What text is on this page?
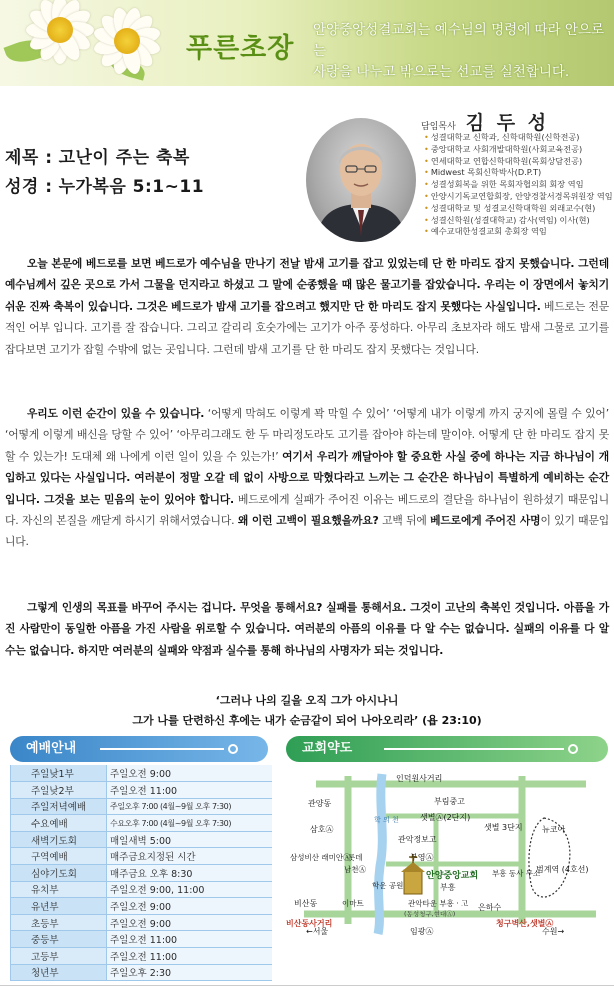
푸른초장
안양중앙성결교회는 예수님의 명령에 따라 안으로는
사랑을 나누고 밖으로는 선교를 실천합니다.
제목 : 고난이 주는 축복
성경 : 누가복음 5:1~11
담임목사 김 두 성
• 성결대학교 신학과, 신학대학원(신학전공)
• 중앙대학교 사회개발대학원(사회교육전공)
• 연세대학교 연합신학대학원(목회상담전공)
• Midwest 목회신학박사(D.P.T)
• 성결성회복을 위한 목회자협의회 회장 역임
• 안양시기독교연합회장, 안양경찰서경목위원장 역임
• 성결대학교 및 성결교신학대학원 외래교수(현)
• 성결신학원(성결대학교) 감사(역임) 이사(현)
• 예수교대한성결교회 총회장 역임
오늘 본문에 베드로를 보면 베드로가 예수님을 만나기 전날 밤새 고기를 잡고 있었는데 단 한 마리도 잡지 못했습니다. 그런데 예수님께서 깊은 곳으로 가서 그물을 던지라고 하셨고 그 말에 순종했을 때 많은 물고기를 잡았습니다. 우리는 이 장면에서 놓치기 쉬운 진짜 축복이 있습니다. 그것은 베드로가 밤새 고기를 잡으려고 했지만 단 한 마리도 잡지 못했다는 사실입니다. 베드로는 전문적인 어부 입니다. 고기를 잘 잡습니다. 그리고 갈리리 호숫가에는 고기가 아주 풍성하다. 아무리 초보자라 해도 밤새 그물로 고기를 잡다보면 고기가 잡힐 수밖에 없는 곳입니다. 그런데 밤새 고기를 단 한 마리도 잡지 못했다는 것입니다.
우리도 이런 순간이 있을 수 있습니다. ‘어떻게 막혀도 이렇게 꽉 막힐 수 있어’ ‘어떻게 내가 이렇게 까지 궁지에 몰릴 수 있어’ ‘어떻게 이렇게 배신을 당할 수 있어’ ‘아무리그래도 한 두 마리정도라도 고기를 잡아야 하는데 말이야. 어떻게 단 한 마리도 잡지 못할 수 있는가! 도대체 왜 나에게 이런 일이 있을 수 있는가!’ 여기서 우리가 깨달아야 할 중요한 사실 중에 하나는 지금 하나님이 개입하고 있다는 사실입니다. 여러분이 정말 오갈 데 없이 사방으로 막혔다라고 느끼는 그 순간은 하나님이 특별하게 예비하는 순간입니다. 그것을 보는 믿음의 눈이 있어야 합니다. 베드로에게 실패가 주어진 이유는 베드로의 결단을 하나님이 원하셨기 때문입니다. 자신의 본질을 깨닫게 하시기 위해서였습니다. 왜 이런 고백이 필요했을까요? 고백 뒤에 베드로에게 주어진 사명이 있기 때문입니다.
그렇게 인생의 목표를 바꾸어 주시는 겁니다. 무엇을 통해서요? 실패를 통해서요. 그것이 고난의 축복인 것입니다. 아픔을 가진 사람만이 동일한 아픔을 가진 사람을 위로할 수 있습니다. 여러분의 아픔의 이유를 다 알 수는 없습니다. 실패의 이유를 다 알 수는 없습니다. 하지만 여러분의 실패와 약점과 실수를 통해 하나님의 사명자가 되는 것입니다.
‘그러나 나의 길을 오직 그가 아시나니
그가 나를 단련하신 후에는 내가 순금같이 되어 나아오리라’ (욥 23:10)
예배안내
주일낮1부	주일오전 9:00
주일낮2부	주일오전 11:00
주일저녁예배	주일오후 7:00 (4월~9월 오후 7:30)
수요예배	수요오후 7:00 (4월~9월 오후 7:30)
새벽기도회	매일새벽 5:00
구역예배	매주금요지정된 시간
심야기도회	매주금요 오후 8:30
유치부	주일오전 9:00, 11:00
유년부	주일오전 9:00
초등부	주일오전 9:00
중등부	주일오전 11:00
고등부	주일오전 11:00
청년부	주일오후 2:30
교회약도
인덕원사거리
관양동	부림중고
샛별Ⓐ(2단지)
삼호Ⓐ
관악정보고
샛별 3단지 뉴코아
부영Ⓐ
삼성비산 래미안Ⓐ
남천Ⓐ
롯데
안양중앙교회
부흥
부흥 동사 무소
범계역 (4호선)
비산동	이마트
학운 공원
관악타운 부흥 · 고
(동성청구,현대Ⓐ)
은하수
비산동사거리	청구벽산,샛별Ⓐ
←서울	임광Ⓐ	수원→
학 의 천
